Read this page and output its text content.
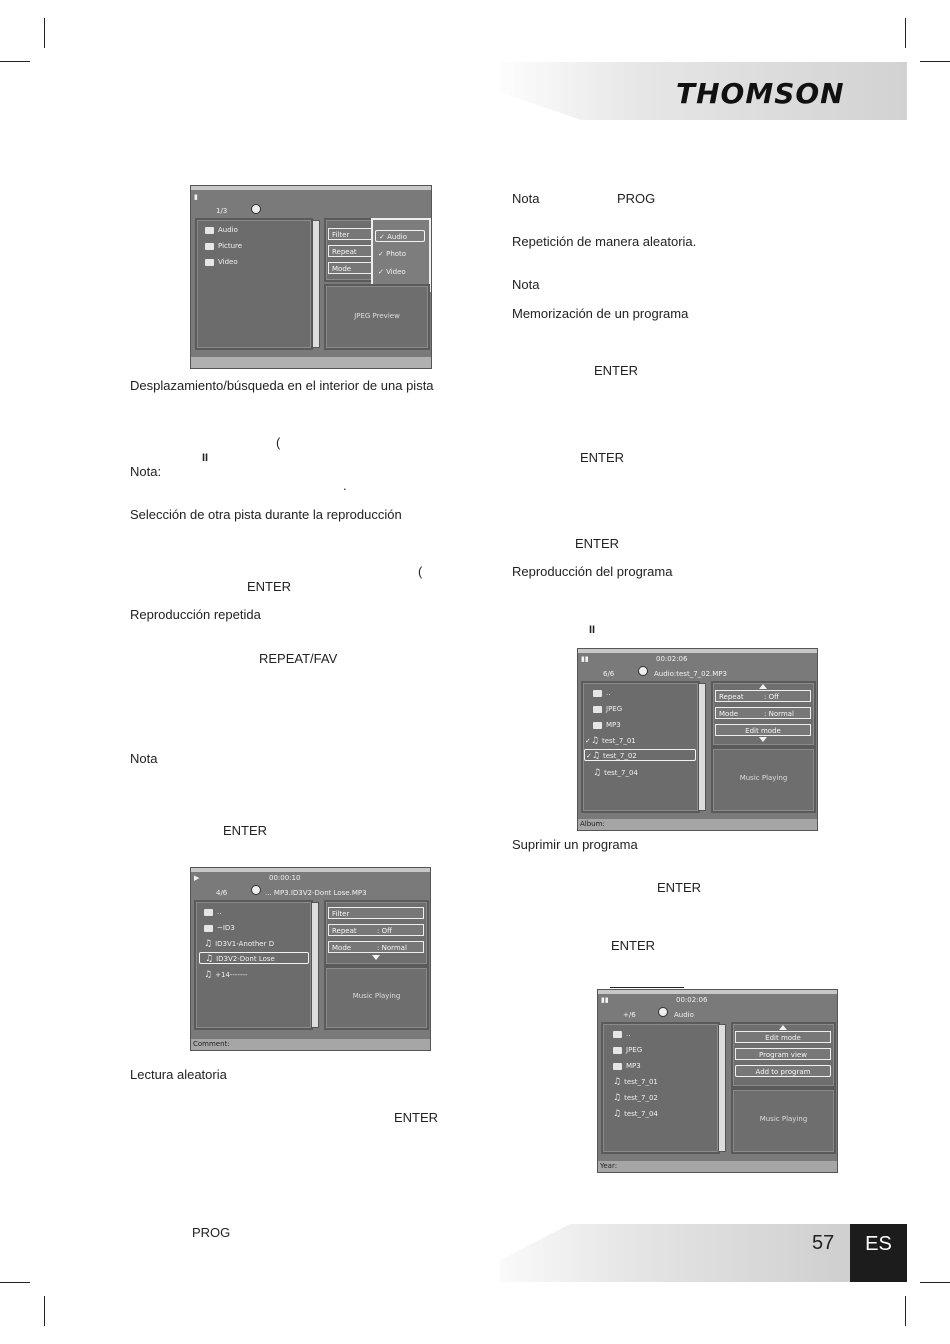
THOMSON
57	ES
▮
1/3
Audio
Picture
Video
Filter
Repeat
Mode
✓ Audio
✓ Photo
✓ Video
JPEG Preview
Desplazamiento/búsqueda en el interior de una pista
(
II
Nota:
.
Selección de otra pista durante la reproducción
(
ENTER
Reproducción repetida
REPEAT/FAV
Nota
ENTER
▶	00:00:10
4/6	... MP3.ID3V2-Dont Lose.MP3
..
~ID3
♫ ID3V1-Another D
♫ ID3V2-Dont Lose
♫ +14-------
Filter
Repeat	: Off
Mode	: Normal
Music Playing
Comment:
Lectura aleatoria
ENTER
PROG
Nota	PROG
Repetición de manera aleatoria.
Nota
Memorización de un programa
ENTER
ENTER
ENTER
Reproducción del programa
II
▮▮	00:02:06
6/6	Audio:test_7_02.MP3
..
JPEG
MP3
✓♫ test_7_01
✓♫ test_7_02
♫ test_7_04
Repeat	: Off
Mode	: Normal
Edit mode
Music Playing
Album:
Suprimir un programa
ENTER
ENTER
▮▮	00:02:06
+/6	Audio
..
JPEG
MP3
♫ test_7_01
♫ test_7_02
♫ test_7_04
Edit mode
Program view
Add to program
Music Playing
Year:
